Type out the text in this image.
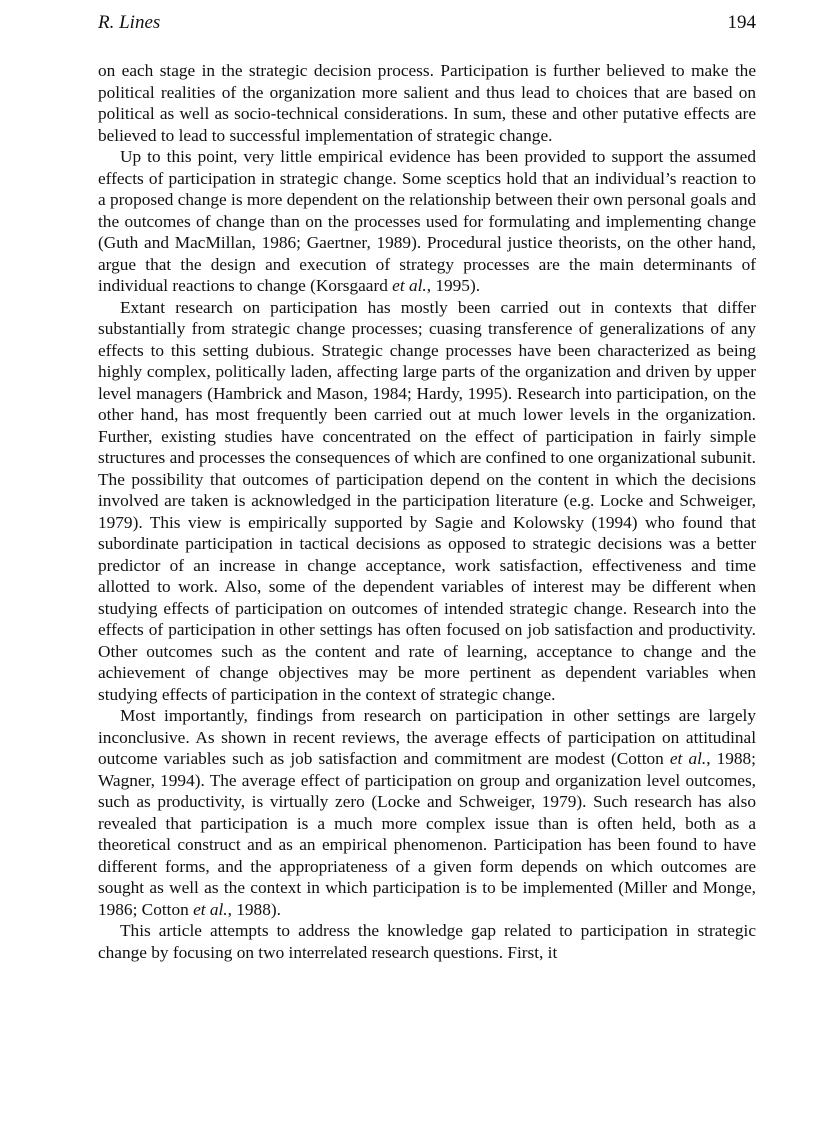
R. Lines	194

on each stage in the strategic decision process. Participation is further believed to make the political realities of the organization more salient and thus lead to choices that are based on political as well as socio-technical considerations. In sum, these and other putative effects are believed to lead to successful implementation of strategic change.

Up to this point, very little empirical evidence has been provided to support the assumed effects of participation in strategic change. Some sceptics hold that an individual’s reaction to a proposed change is more dependent on the relationship between their own personal goals and the outcomes of change than on the processes used for formulating and implementing change (Guth and MacMillan, 1986; Gaertner, 1989). Procedural justice theorists, on the other hand, argue that the design and execution of strategy processes are the main determinants of individual reactions to change (Korsgaard et al., 1995).

Extant research on participation has mostly been carried out in contexts that differ substantially from strategic change processes; cuasing transference of generalizations of any effects to this setting dubious. Strategic change processes have been characterized as being highly complex, politically laden, affecting large parts of the organization and driven by upper level managers (Hambrick and Mason, 1984; Hardy, 1995). Research into participation, on the other hand, has most frequently been carried out at much lower levels in the organization. Further, existing studies have concentrated on the effect of participation in fairly simple structures and processes the consequences of which are confined to one organizational subunit. The possibility that outcomes of participation depend on the content in which the decisions involved are taken is acknowledged in the participation literature (e.g. Locke and Schweiger, 1979). This view is empirically supported by Sagie and Kolowsky (1994) who found that subordinate participation in tactical decisions as opposed to strategic decisions was a better predictor of an increase in change acceptance, work satisfaction, effectiveness and time allotted to work. Also, some of the dependent variables of interest may be different when studying effects of participation on outcomes of intended strategic change. Research into the effects of participation in other settings has often focused on job satisfaction and productivity. Other outcomes such as the content and rate of learning, acceptance to change and the achievement of change objectives may be more pertinent as dependent variables when studying effects of participation in the context of strategic change.

Most importantly, findings from research on participation in other settings are largely inconclusive. As shown in recent reviews, the average effects of participation on attitudinal outcome variables such as job satisfaction and commitment are modest (Cotton et al., 1988; Wagner, 1994). The average effect of participation on group and organization level outcomes, such as productivity, is virtually zero (Locke and Schweiger, 1979). Such research has also revealed that participation is a much more complex issue than is often held, both as a theoretical construct and as an empirical phenomenon. Participation has been found to have different forms, and the appropriateness of a given form depends on which outcomes are sought as well as the context in which participation is to be implemented (Miller and Monge, 1986; Cotton et al., 1988).

This article attempts to address the knowledge gap related to participation in strategic change by focusing on two interrelated research questions. First, it
